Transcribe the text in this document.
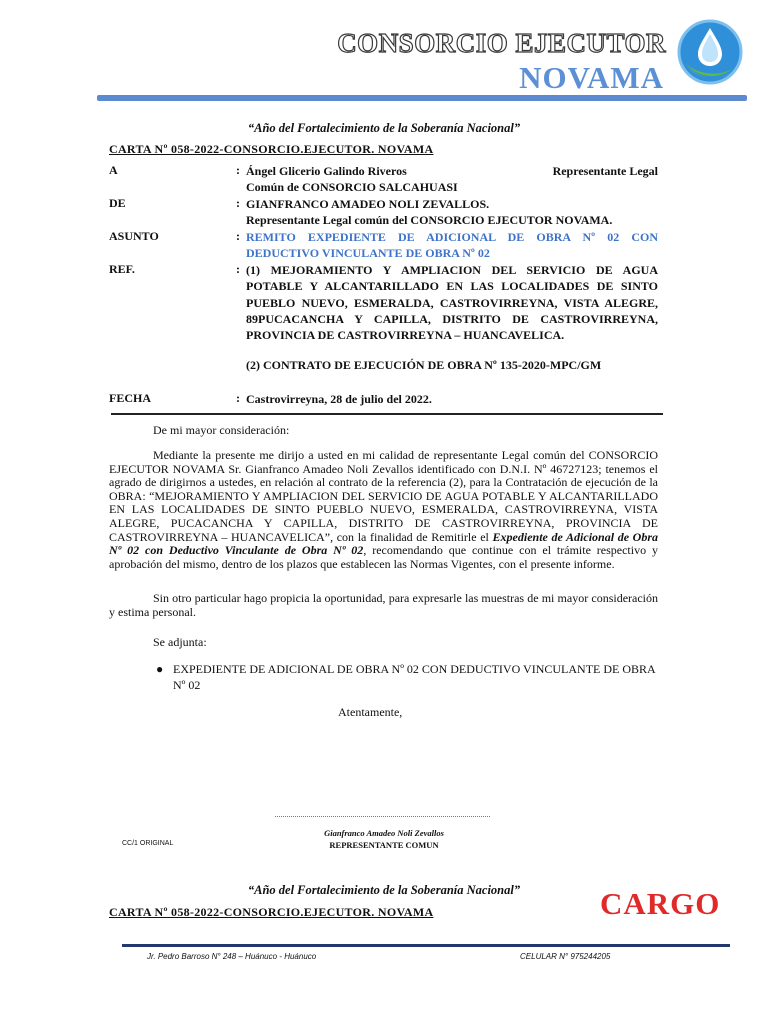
CONSORCIO EJECUTOR
NOVAMA
“Año del Fortalecimiento de la Soberanía Nacional”
CARTA Nº 058-2022-CONSORCIO.EJECUTOR. NOVAMA
A	: Ángel Glicerio Galindo Riveros	Representante Legal
Común de CONSORCIO SALCAHUASI
DE	: GIANFRANCO AMADEO NOLI ZEVALLOS.
Representante Legal común del CONSORCIO EJECUTOR NOVAMA.
ASUNTO	: REMITO EXPEDIENTE DE ADICIONAL DE OBRA Nº 02 CON DEDUCTIVO VINCULANTE DE OBRA Nº 02
REF.	: (1) MEJORAMIENTO Y AMPLIACION DEL SERVICIO DE AGUA POTABLE Y ALCANTARILLADO EN LAS LOCALIDADES DE SINTO PUEBLO NUEVO, ESMERALDA, CASTROVIRREYNA, VISTA ALEGRE, 89PUCACANCHA Y CAPILLA, DISTRITO DE CASTROVIRREYNA, PROVINCIA DE CASTROVIRREYNA – HUANCAVELICA.
(2) CONTRATO DE EJECUCIÓN DE OBRA Nº 135-2020-MPC/GM
FECHA	: Castrovirreyna, 28 de julio del 2022.
De mi mayor consideración:
Mediante la presente me dirijo a usted en mi calidad de representante Legal común del CONSORCIO EJECUTOR NOVAMA Sr. Gianfranco Amadeo Noli Zevallos identificado con D.N.I. Nº 46727123; tenemos el agrado de dirigirnos a ustedes, en relación al contrato de la referencia (2), para la Contratación de ejecución de la OBRA: “MEJORAMIENTO Y AMPLIACION DEL SERVICIO DE AGUA POTABLE Y ALCANTARILLADO EN LAS LOCALIDADES DE SINTO PUEBLO NUEVO, ESMERALDA, CASTROVIRREYNA, VISTA ALEGRE, PUCACANCHA Y CAPILLA, DISTRITO DE CASTROVIRREYNA, PROVINCIA DE CASTROVIRREYNA – HUANCAVELICA”, con la finalidad de Remitirle el Expediente de Adicional de Obra Nº 02 con Deductivo Vinculante de Obra Nº 02, recomendando que continue con el trámite respectivo y aprobación del mismo, dentro de los plazos que establecen las Normas Vigentes, con el presente informe.
Sin otro particular hago propicia la oportunidad, para expresarle las muestras de mi mayor consideración y estima personal.
Se adjunta:
● EXPEDIENTE DE ADICIONAL DE OBRA Nº 02 CON DEDUCTIVO VINCULANTE DE OBRA Nº 02
Atentamente,
Gianfranco Amadeo Noli Zevallos
REPRESENTANTE COMUN
CC/1 ORIGINAL
“Año del Fortalecimiento de la Soberanía Nacional”
CARTA Nº 058-2022-CONSORCIO.EJECUTOR. NOVAMA	CARGO
Jr. Pedro Barroso N° 248 – Huánuco - Huánuco	CELULAR N° 975244205
